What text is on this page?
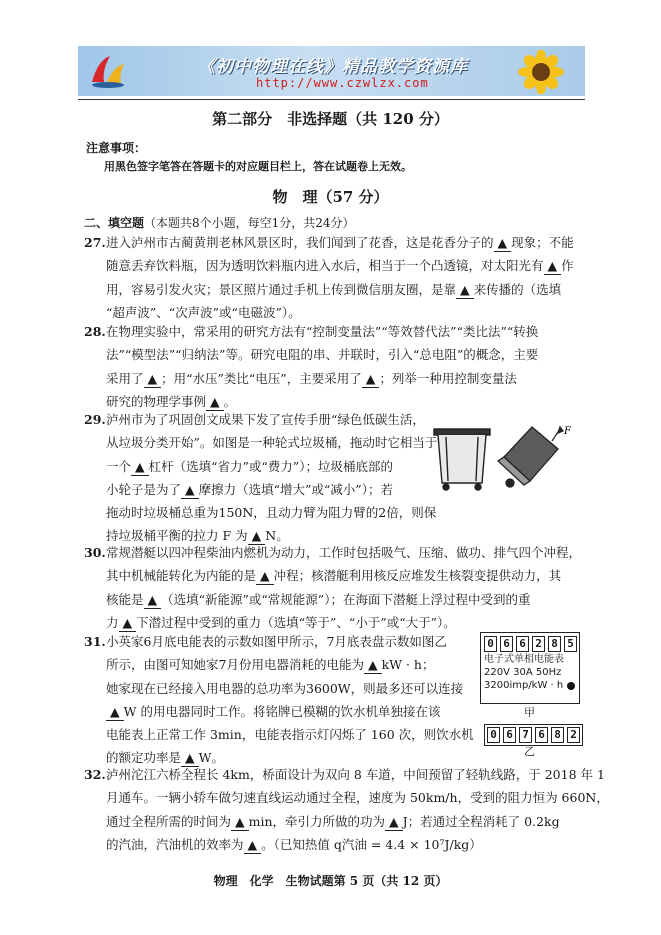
《初中物理在线》精品教学资源库
http://www.czwlzx.com
第二部分　非选择题（共 120 分）
注意事项：
用黑色签字笔答在答题卡的对应题目栏上，答在试题卷上无效。
物　理（57 分）
二、填空题（本题共8个小题，每空1分，共24分）
27.进入泸州市古蔺黄荆老林风景区时，我们闻到了花香，这是花香分子的 ▲ 现象；不能
随意丢弃饮料瓶，因为透明饮料瓶内进入水后，相当于一个凸透镜，对太阳光有 ▲ 作
用，容易引发火灾；景区照片通过手机上传到微信朋友圈，是靠 ▲ 来传播的（选填
“超声波”、“次声波”或“电磁波”）。
28.在物理实验中，常采用的研究方法有“控制变量法”“等效替代法”“类比法”“转换
法”“模型法”“归纳法”等。研究电阻的串、并联时，引入“总电阻”的概念，主要
采用了 ▲ ；用“水压”类比“电压”，主要采用了 ▲ ；列举一种用控制变量法
研究的物理学事例 ▲ 。
29.泸州市为了巩固创文成果下发了宣传手册“绿色低碳生活，
从垃圾分类开始”。如图是一种轮式垃圾桶，拖动时它相当于
一个 ▲ 杠杆（选填“省力”或“费力”）；垃圾桶底部的
小轮子是为了 ▲ 摩擦力（选填“增大”或“减小”）；若
拖动时垃圾桶总重为150N，且动力臂为阻力臂的2倍，则保
持垃圾桶平衡的拉力 F 为 ▲ N。
30.常规潜艇以四冲程柴油内燃机为动力，工作时包括吸气、压缩、做功、排气四个冲程，
其中机械能转化为内能的是 ▲ 冲程；核潜艇利用核反应堆发生核裂变提供动力，其
核能是 ▲ （选填“新能源”或“常规能源”）；在海面下潜艇上浮过程中受到的重
力 ▲ 下潜过程中受到的重力（选填“等于”、“小于”或“大于”）。
31.小英家6月底电能表的示数如图甲所示，7月底表盘示数如图乙
所示，由图可知她家7月份用电器消耗的电能为 ▲ kW · h；
她家现在已经接入用电器的总功率为3600W，则最多还可以连接
▲ W 的用电器同时工作。将铭牌已模糊的饮水机单独接在该
电能表上正常工作 3min，电能表指示灯闪烁了 160 次，则饮水机
的额定功率是 ▲ W。
32.泸州沱江六桥全程长 4km，桥面设计为双向 8 车道，中间预留了轻轨线路，于 2018 年 1
月通车。一辆小轿车做匀速直线运动通过全程，速度为 50km/h，受到的阻力恒为 660N，
通过全程所需的时间为 ▲ min，牵引力所做的功为 ▲ J；若通过全程消耗了 0.2kg
的汽油，汽油机的效率为 ▲ 。（已知热值 q汽油 = 4.4 × 10⁷J/kg）
F
0 6 6 2 8 5
电子式单相电能表
220V 30A 50Hz
3200imp/kW · h
甲
0 6 7 6 8 2
乙
物理　化学　生物试题第 5 页（共 12 页）
